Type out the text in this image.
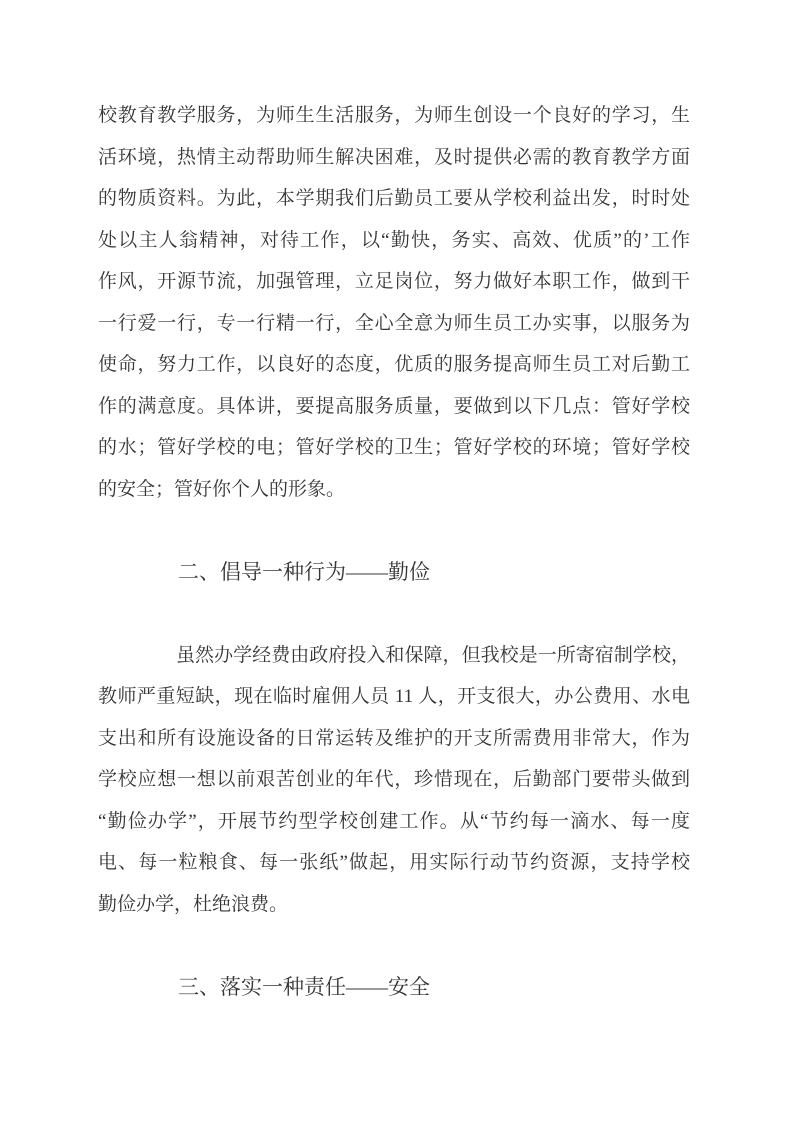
校教育教学服务，为师生生活服务，为师生创设一个良好的学习，生
活环境，热情主动帮助师生解决困难，及时提供必需的教育教学方面
的物质资料。为此，本学期我们后勤员工要从学校利益出发，时时处
处以主人翁精神，对待工作，以“勤快，务实、高效、优质”的’工作
作风，开源节流，加强管理，立足岗位，努力做好本职工作，做到干
一行爱一行，专一行精一行，全心全意为师生员工办实事，以服务为
使命，努力工作，以良好的态度，优质的服务提高师生员工对后勤工
作的满意度。具体讲，要提高服务质量，要做到以下几点：管好学校
的水；管好学校的电；管好学校的卫生；管好学校的环境；管好学校
的安全；管好你个人的形象。
二、倡导一种行为——勤俭
虽然办学经费由政府投入和保障，但我校是一所寄宿制学校，
教师严重短缺，现在临时雇佣人员 11 人，开支很大，办公费用、水电
支出和所有设施设备的日常运转及维护的开支所需费用非常大，作为
学校应想一想以前艰苦创业的年代，珍惜现在，后勤部门要带头做到
“勤俭办学”，开展节约型学校创建工作。从“节约每一滴水、每一度
电、每一粒粮食、每一张纸”做起，用实际行动节约资源，支持学校
勤俭办学，杜绝浪费。
三、落实一种责任——安全
